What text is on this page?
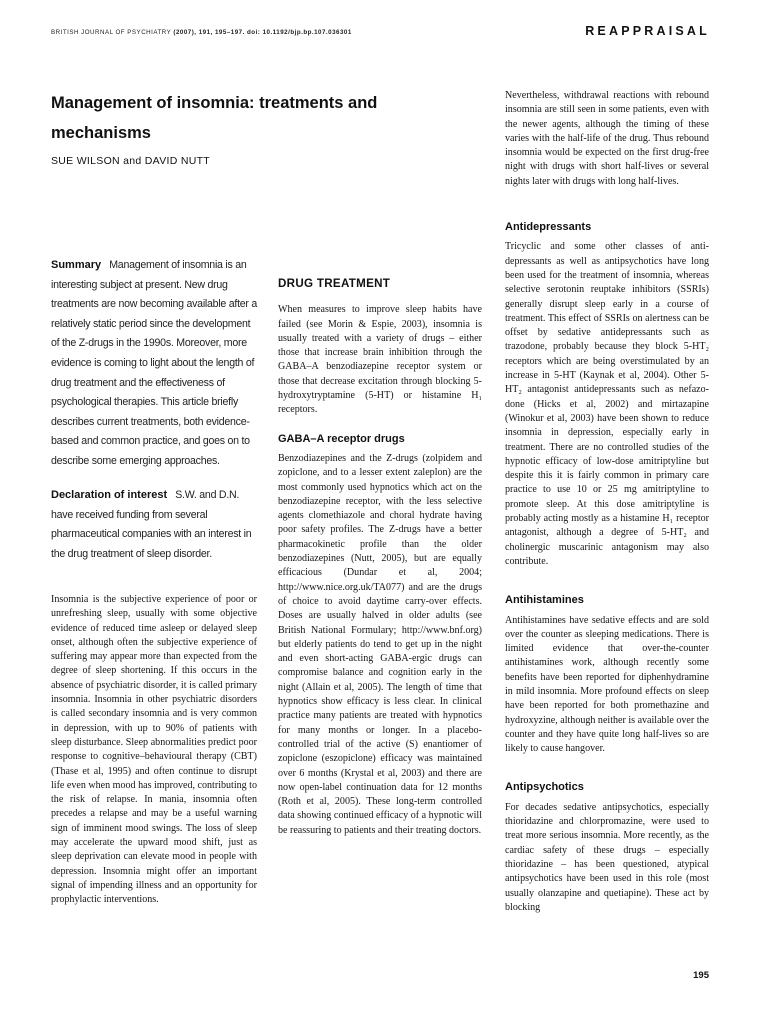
BRITISH JOURNAL OF PSYCHIATRY (2007), 191, 195–197. doi: 10.1192/bjp.bp.107.036301	REAPPRAISAL
Management of insomnia: treatments and mechanisms
SUE WILSON and DAVID NUTT

Summary Management of insomnia is an interesting subject at present. New drug treatments are now becoming available after a relatively static period since the development of the Z-drugs in the 1990s. Moreover, more evidence is coming to light about the length of drug treatment and the effectiveness of psychological therapies. This article briefly describes current treatments, both evidence-based and common practice, and goes on to describe some emerging approaches.

Declaration of interest S.W. and D.N. have received funding from several pharmaceutical companies with an interest in the drug treatment of sleep disorder.

Insomnia is the subjective experience of poor or unrefreshing sleep, usually with some objective evidence of reduced time asleep or delayed sleep onset, although often the subjective experience of suffering may appear more than expected from the degree of sleep shortening. If this occurs in the absence of psychiatric disorder, it is called primary insomnia. Insomnia in other psychiatric disorders is called secondary insomnia and is very common in depression, with up to 90% of patients with sleep disturbance. Sleep abnormalities predict poor response to cognitive–behavioural therapy (CBT) (Thase et al, 1995) and often continue to disrupt life even when mood has improved, contributing to the risk of relapse. In mania, insomnia often precedes a relapse and may be a useful warning sign of imminent mood swings. The loss of sleep may accelerate the upward mood shift, just as sleep deprivation can elevate mood in people with depression. Insomnia might offer an important signal of impending illness and an opportunity for prophylactic interventions.

DRUG TREATMENT

When measures to improve sleep habits have failed (see Morin & Espie, 2003), insomnia is usually treated with a variety of drugs – either those that increase brain inhibition through the GABA–A benzodiazepine receptor system or those that decrease excitation through blocking 5-hydroxytryptamine (5-HT) or histamine H₁ receptors.

GABA–A receptor drugs

Benzodiazepines and the Z-drugs (zolpidem and zopiclone, and to a lesser extent zaleplon) are the most commonly used hypnotics which act on the benzodiazepine receptor, with the less selective agents clomethiazole and choral hydrate having poor safety profiles. The Z-drugs have a better pharmacokinetic profile than the older benzodiazepines (Nutt, 2005), but are equally efficacious (Dundar et al, 2004; http://www.nice.org.uk/TA077) and are the drugs of choice to avoid daytime carry-over effects. Doses are usually halved in older adults (see British National Formulary; http://www.bnf.org) but elderly patients do tend to get up in the night and even short-acting GABA-ergic drugs can compromise balance and cognition early in the night (Allain et al, 2005). The length of time that hypnotics show efficacy is less clear. In clinical practice many patients are treated with hypnotics for many months or longer. In a placebo-controlled trial of the active (S) enantiomer of zopiclone (eszopiclone) efficacy was maintained over 6 months (Krystal et al, 2003) and there are now open-label continuation data for 12 months (Roth et al, 2005). These long-term controlled data showing continued efficacy of a hypnotic will be reassuring to patients and their treating doctors.

Nevertheless, withdrawal reactions with rebound insomnia are still seen in some patients, even with the newer agents, although the timing of these varies with the half-life of the drug. Thus rebound insomnia would be expected on the first drug-free night with drugs with short half-lives or several nights later with drugs with long half-lives.

Antidepressants

Tricyclic and some other classes of antidepressants as well as antipsychotics have long been used for the treatment of insomnia, whereas selective serotonin reuptake inhibitors (SSRIs) generally disrupt sleep early in a course of treatment. This effect of SSRIs on alertness can be offset by sedative antidepressants such as trazodone, probably because they block 5-HT₂ receptors which are being overstimulated by an increase in 5-HT (Kaynak et al, 2004). Other 5-HT₂ antagonist antidepressants such as nefazodone (Hicks et al, 2002) and mirtazapine (Winokur et al, 2003) have been shown to reduce insomnia in depression, especially early in treatment. There are no controlled studies of the hypnotic efficacy of low-dose amitriptyline but despite this it is fairly common in primary care practice to use 10 or 25 mg amitriptyline to promote sleep. At this dose amitriptyline is probably acting mostly as a histamine H₁ receptor antagonist, although a degree of 5-HT₂ and cholinergic muscarinic antagonism may also contribute.

Antihistamines

Antihistamines have sedative effects and are sold over the counter as sleeping medications. There is limited evidence that over-the-counter antihistamines work, although recently some benefits have been reported for diphenhydramine in mild insomnia. More profound effects on sleep have been reported for both promethazine and hydroxyzine, although neither is available over the counter and they have quite long half-lives so are likely to cause hangover.

Antipsychotics

For decades sedative antipsychotics, especially thioridazine and chlorpromazine, were used to treat more serious insomnia. More recently, as the cardiac safety of these drugs – especially thioridazine – has been questioned, atypical antipsychotics have been used in this role (most usually olanzapine and quetiapine). These act by blocking

195
